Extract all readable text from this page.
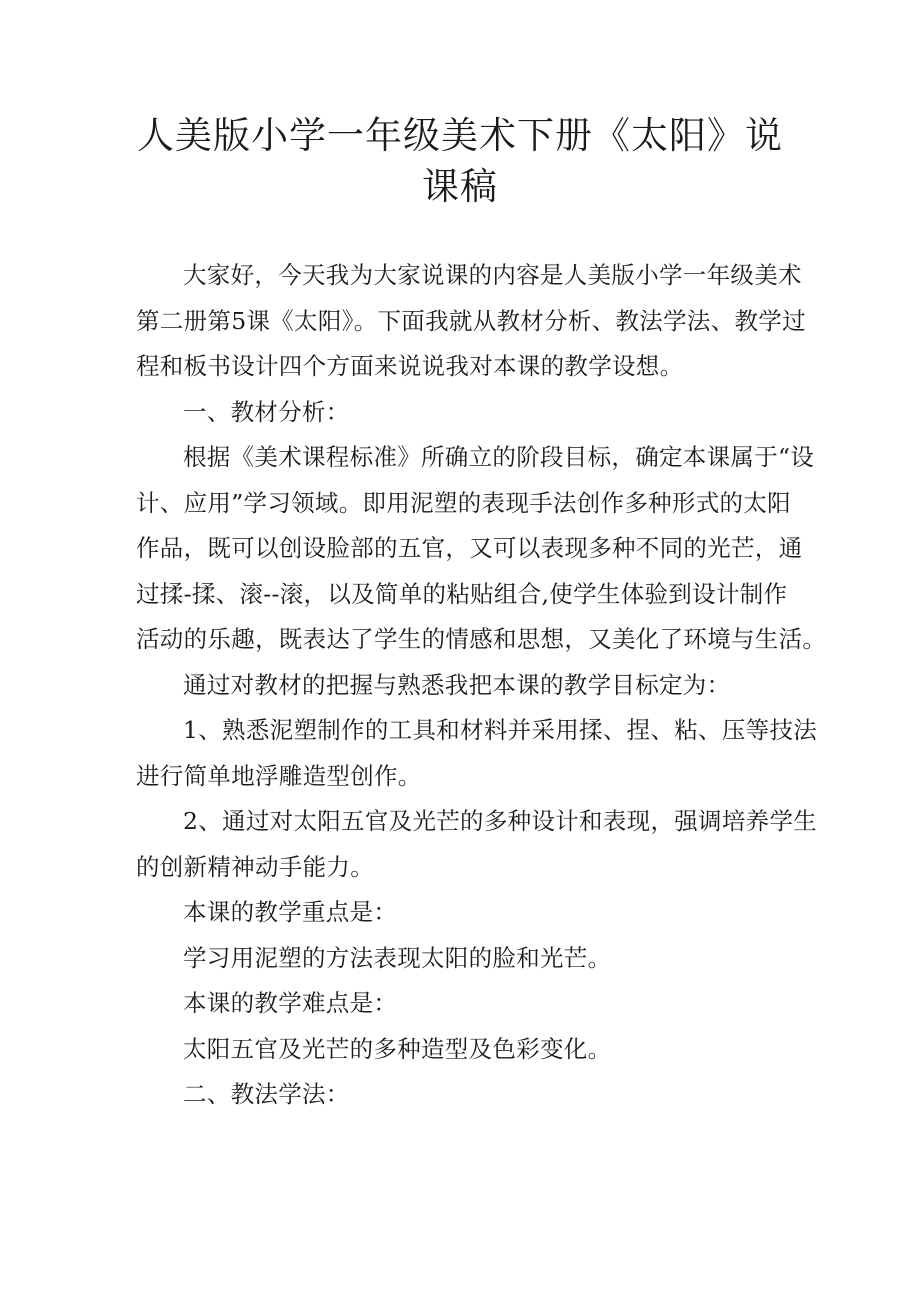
人美版小学一年级美术下册《太阳》说
课稿

大家好，今天我为大家说课的内容是人美版小学一年级美术
第二册第5课《太阳》。下面我就从教材分析、教法学法、教学过
程和板书设计四个方面来说说我对本课的教学设想。

一、教材分析：

根据《美术课程标准》所确立的阶段目标，确定本课属于“设
计、应用”学习领域。即用泥塑的表现手法创作多种形式的太阳
作品，既可以创设脸部的五官，又可以表现多种不同的光芒，通
过揉-揉、滚--滚，以及简单的粘贴组合,使学生体验到设计制作
活动的乐趣，既表达了学生的情感和思想，又美化了环境与生活。

通过对教材的把握与熟悉我把本课的教学目标定为：

1、熟悉泥塑制作的工具和材料并采用揉、捏、粘、压等技法
进行简单地浮雕造型创作。

2、通过对太阳五官及光芒的多种设计和表现，强调培养学生
的创新精神动手能力。

本课的教学重点是：

学习用泥塑的方法表现太阳的脸和光芒。

本课的教学难点是：

太阳五官及光芒的多种造型及色彩变化。

二、教法学法：
